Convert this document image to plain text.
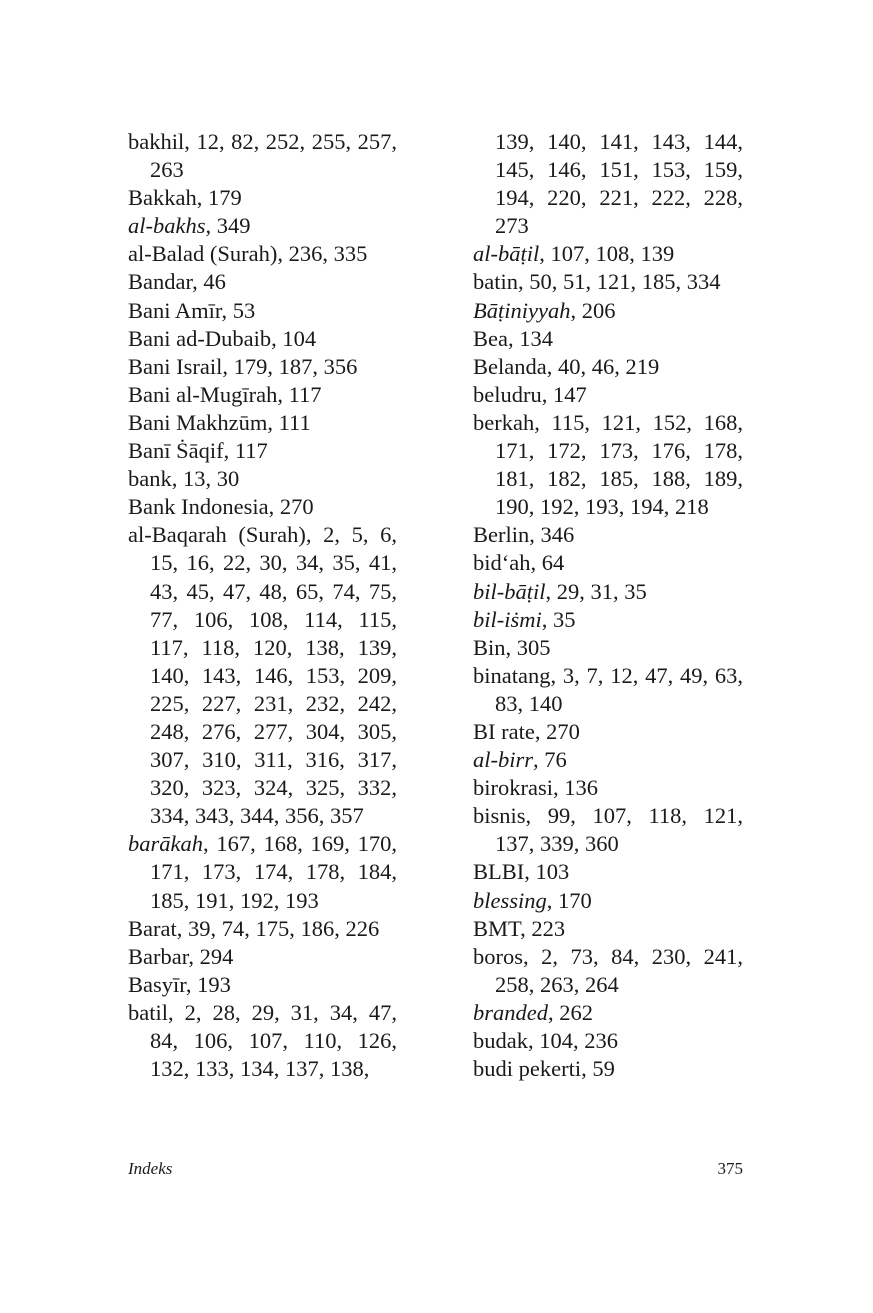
bakhil, 12, 82, 252, 255, 257, 263
Bakkah, 179
al-bakhs, 349
al-Balad (Surah), 236, 335
Bandar, 46
Bani Amīr, 53
Bani ad-Dubaib, 104
Bani Israil, 179, 187, 356
Bani al-Mugīrah, 117
Bani Makhzūm, 111
Banī Ṡāqif, 117
bank, 13, 30
Bank Indonesia, 270
al-Baqarah (Surah), 2, 5, 6, 15, 16, 22, 30, 34, 35, 41, 43, 45, 47, 48, 65, 74, 75, 77, 106, 108, 114, 115, 117, 118, 120, 138, 139, 140, 143, 146, 153, 209, 225, 227, 231, 232, 242, 248, 276, 277, 304, 305, 307, 310, 311, 316, 317, 320, 323, 324, 325, 332, 334, 343, 344, 356, 357
barākah, 167, 168, 169, 170, 171, 173, 174, 178, 184, 185, 191, 192, 193
Barat, 39, 74, 175, 186, 226
Barbar, 294
Basyīr, 193
batil, 2, 28, 29, 31, 34, 47, 84, 106, 107, 110, 126, 132, 133, 134, 137, 138,
139, 140, 141, 143, 144, 145, 146, 151, 153, 159, 194, 220, 221, 222, 228, 273
al-bāṭil, 107, 108, 139
batin, 50, 51, 121, 185, 334
Bāṭiniyyah, 206
Bea, 134
Belanda, 40, 46, 219
beludru, 147
berkah, 115, 121, 152, 168, 171, 172, 173, 176, 178, 181, 182, 185, 188, 189, 190, 192, 193, 194, 218
Berlin, 346
bid‘ah, 64
bil-bāṭil, 29, 31, 35
bil-iṡmi, 35
Bin, 305
binatang, 3, 7, 12, 47, 49, 63, 83, 140
BI rate, 270
al-birr, 76
birokrasi, 136
bisnis, 99, 107, 118, 121, 137, 339, 360
BLBI, 103
blessing, 170
BMT, 223
boros, 2, 73, 84, 230, 241, 258, 263, 264
branded, 262
budak, 104, 236
budi pekerti, 59
Indeks	375
